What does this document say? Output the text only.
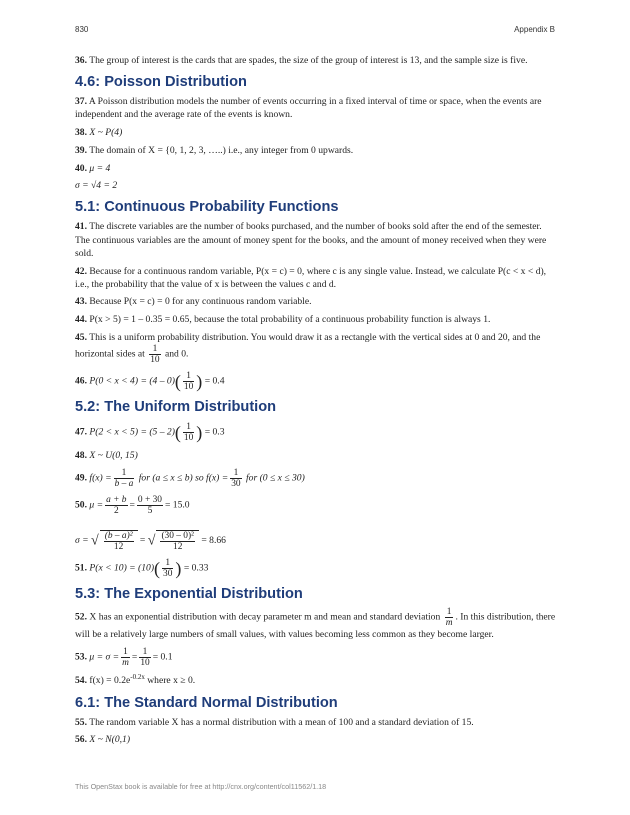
830	Appendix B

36. The group of interest is the cards that are spades, the size of the group of interest is 13, and the sample size is five.

4.6: Poisson Distribution

37. A Poisson distribution models the number of events occurring in a fixed interval of time or space, when the events are independent and the average rate of the events is known.

38. X ~ P(4)

39. The domain of X = {0, 1, 2, 3, …..) i.e., any integer from 0 upwards.

40. μ = 4

σ = √4 = 2

5.1: Continuous Probability Functions

41. The discrete variables are the number of books purchased, and the number of books sold after the end of the semester. The continuous variables are the amount of money spent for the books, and the amount of money received when they were sold.

42. Because for a continuous random variable, P(x = c) = 0, where c is any single value. Instead, we calculate P(c < x < d), i.e., the probability that the value of x is between the values c and d.

43. Because P(x = c) = 0 for any continuous random variable.

44. P(x > 5) = 1 – 0.35 = 0.65, because the total probability of a continuous probability function is always 1.

45. This is a uniform probability distribution. You would draw it as a rectangle with the vertical sides at 0 and 20, and the horizontal sides at $\frac{1}{10}$ and 0.

46. $P(0 < x < 4) = (4 - 0)( \frac{1}{10}$ ) = 0.4

5.2: The Uniform Distribution

47. $P(2 < x < 5) = (5 - 2)( \frac{1}{10}$ ) = 0.3

48. X ~ U(0, 15)

49. $f(x) = \frac{1}{b - a}$ for (a ≤ x ≤ b) so $f(x) = \frac{1}{30}$ for (0 ≤ x ≤ 30)

50. $\mu = \frac{a + b}{2} = \frac{0 + 30}{5} = 15.0$

σ = √ $\frac{\text{(b – a)²}}{12}$ = √ $\frac{\text{(30 – 0)²}}{12} = 8.66$

51. $P(x < 10) = (10)( \frac{1}{30}$ ) = 0.33

5.3: The Exponential Distribution

52. X has an exponential distribution with decay parameter m and mean and standard deviation $\frac{1}{m}$ . In this distribution, there will be a relatively large numbers of small values, with values becoming less common as they become larger.

53. $\mu = \sigma = \frac{1}{m} = \frac{1}{10} = 0.1$

54. $f(x) = 0.2e^{-0.2x}$ where x ≥ 0.

6.1: The Standard Normal Distribution

55. The random variable X has a normal distribution with a mean of 100 and a standard deviation of 15.

56. X ~ N(0,1)

This OpenStax book is available for free at http://cnx.org/content/col11562/1.18
